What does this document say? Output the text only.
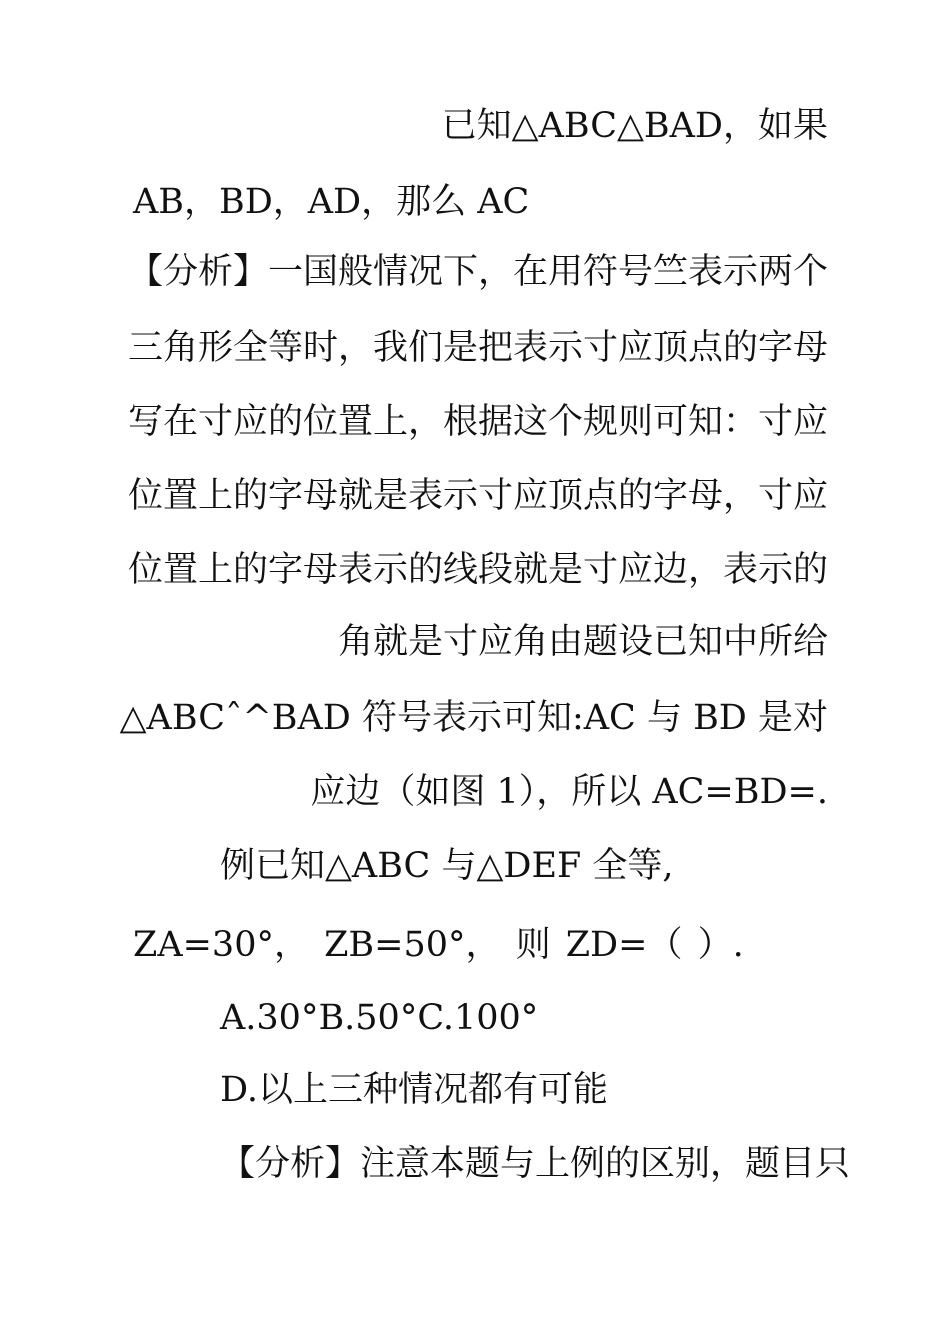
已知△ABC△BAD，如果
AB，BD，AD，那么 AC
【分析】一国般情况下，在用符号竺表示两个
三角形全等时，我们是把表示寸应顶点的字母
写在寸应的位置上，根据这个规则可知：寸应
位置上的字母就是表示寸应顶点的字母，寸应
位置上的字母表示的线段就是寸应边，表示的
角就是寸应角由题设已知中所给
△ABCˆ^BAD 符号表示可知:AC 与 BD 是对
应边（如图 1），所以 AC=BD=.
例已知△ABC 与△DEF 全等,
ZA=30°， ZB=50°， 则 ZD=（ ）.
A.30°B.50°C.100°
D.以上三种情况都有可能
【分析】注意本题与上例的区别，题目只
